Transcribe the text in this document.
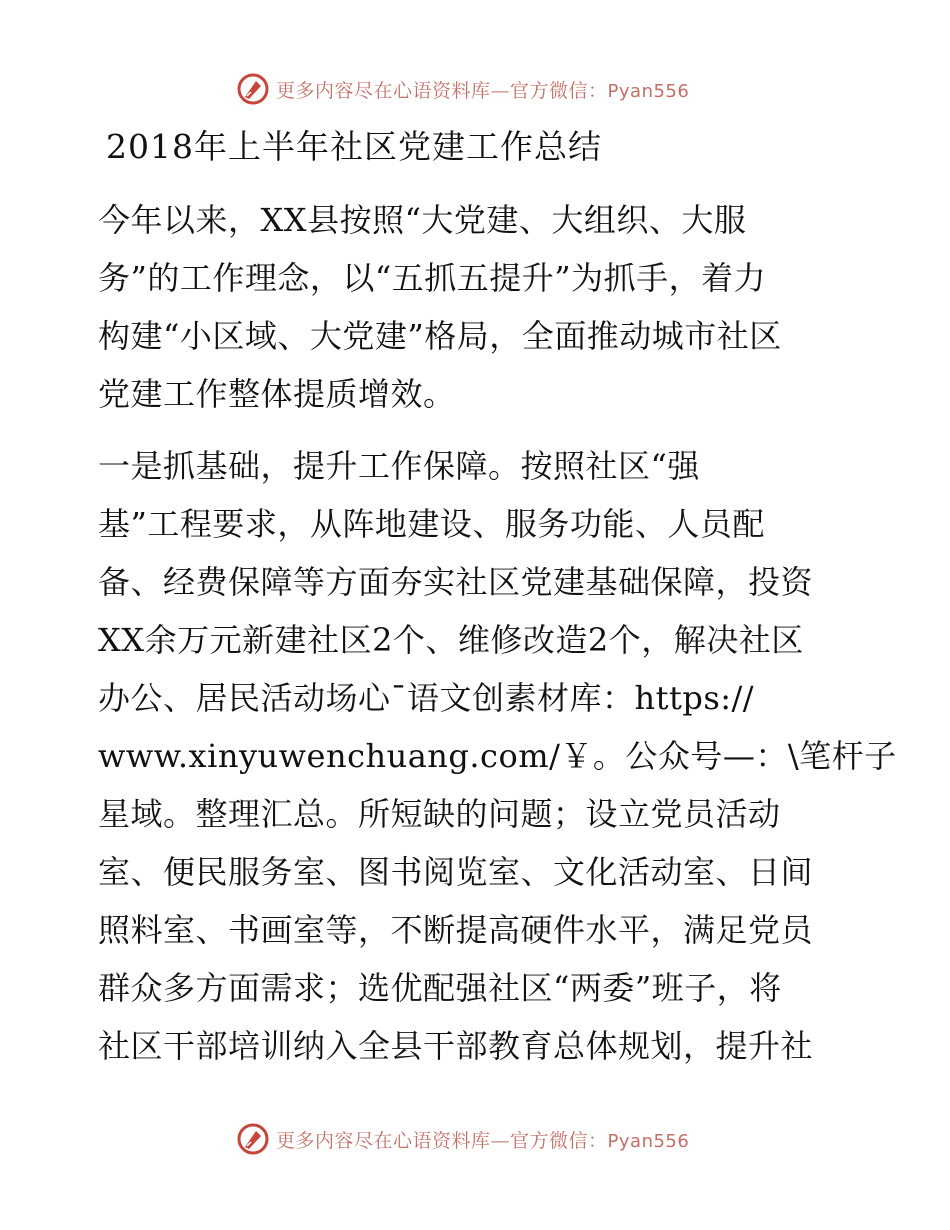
更多内容尽在心语资料库—官方微信：Pyan556
2018年上半年社区党建工作总结

今年以来，XX县按照“大党建、大组织、大服
务”的工作理念，以“五抓五提升”为抓手，着力
构建“小区域、大党建”格局，全面推动城市社区
党建工作整体提质增效。

一是抓基础，提升工作保障。按照社区“强
基”工程要求，从阵地建设、服务功能、人员配
备、经费保障等方面夯实社区党建基础保障，投资
XX余万元新建社区2个、维修改造2个，解决社区
办公、居民活动场心¯语文创素材库：https://
www.xinyuwenchuang.com/￥。公众号—：\笔杆子
星域。整理汇总。所短缺的问题；设立党员活动
室、便民服务室、图书阅览室、文化活动室、日间
照料室、书画室等，不断提高硬件水平，满足党员
群众多方面需求；选优配强社区“两委”班子，将
社区干部培训纳入全县干部教育总体规划，提升社

更多内容尽在心语资料库—官方微信：Pyan556
